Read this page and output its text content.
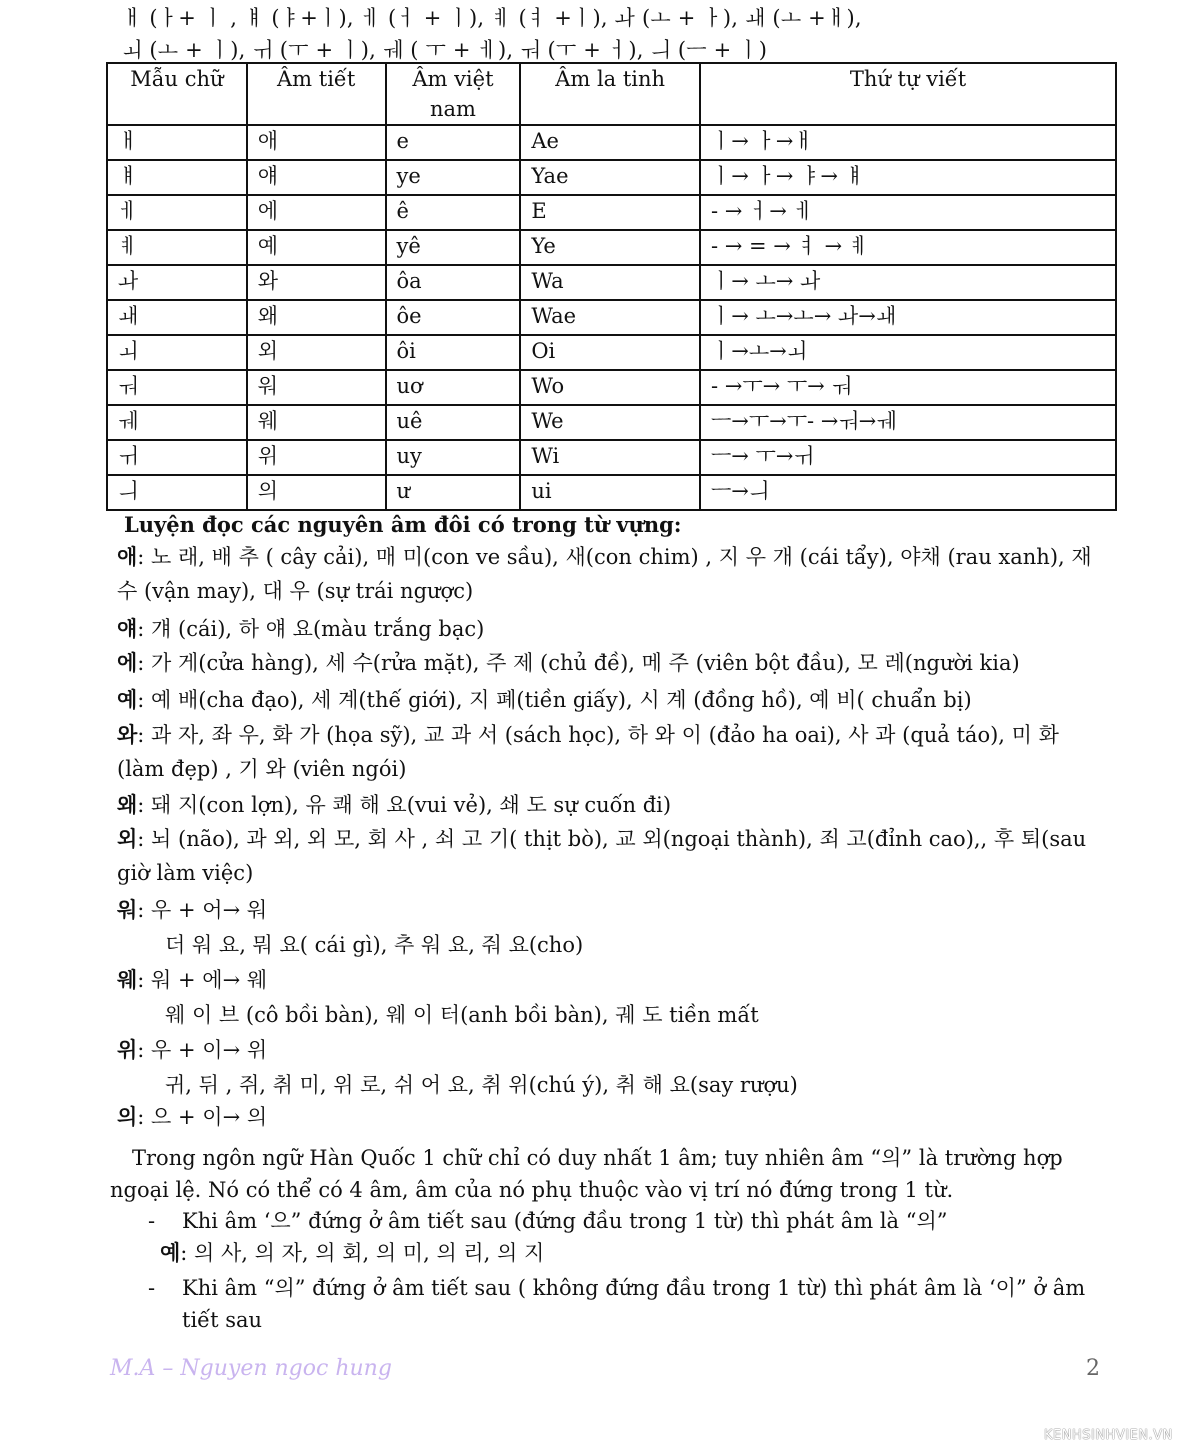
ㅐ (ㅏ+ ㅣ , ㅒ (ㅑ+ㅣ), ㅔ (ㅓ + ㅣ), ㅖ (ㅕ +ㅣ), ㅘ (ㅗ + ㅏ), ㅙ (ㅗ +ㅐ),
ㅚ (ㅗ + ㅣ), ㅟ (ㅜ + ㅣ), ㅞ ( ㅜ + ㅔ), ㅝ (ㅜ + ㅓ), ㅢ (ㅡ + ㅣ)
Mẫu chữ	Âm tiết	Âm việt nam	Âm la tinh	Thứ tự viết
ㅐ	애	e	Ae	ㅣ→ ㅏ→ㅐ
ㅒ	얘	ye	Yae	ㅣ→ ㅏ→ ㅑ→ ㅒ
ㅔ	에	ê	E	- → ㅓ→ ㅔ
ㅖ	예	yê	Ye	- → = → ㅕ → ㅖ
ㅘ	와	ôa	Wa	ㅣ→ ㅗ→ ㅘ
ㅙ	왜	ôe	Wae	ㅣ→ ㅗ→ㅗ→ ㅘ→ㅙ
ㅚ	외	ôi	Oi	ㅣ→ㅗ→ㅚ
ㅝ	워	uơ	Wo	- →ㅜ→ ㅜ→ ㅝ
ㅞ	웨	uê	We	ㅡ→ㅜ→ㅜ- →ㅝ→ㅞ
ㅟ	위	uy	Wi	ㅡ→ ㅜ→ㅟ
ㅢ	의	ư	ui	ㅡ→ㅢ
Luyện đọc các nguyên âm đôi có trong từ vựng:
애: 노 래, 배 추 ( cây cải), 매 미(con ve sầu), 새(con chim) , 지 우 개 (cái tẩy), 야채 (rau xanh), 재 수 (vận may), 대 우 (sự trái ngược)
얘: 걔 (cái), 하 얘 요(màu trắng bạc)
에: 가 게(cửa hàng), 세 수(rửa mặt), 주 제 (chủ đề), 메 주 (viên bột đầu), 모 레(người kia)
예: 예 배(cha đạo), 세 계(thế giới), 지 폐(tiền giấy), 시 계 (đồng hồ), 예 비( chuẩn bị)
와: 과 자, 좌 우, 화 가 (họa sỹ), 교 과 서 (sách học), 하 와 이 (đảo ha oai), 사 과 (quả táo), 미 화 (làm đẹp) , 기 와 (viên ngói)
왜: 돼 지(con lợn), 유 쾌 해 요(vui vẻ), 쇄 도 sự cuốn đi)
외: 뇌 (não), 과 외, 외 모, 회 사 , 쇠 고 기( thịt bò), 교 외(ngoại thành), 죄 고(đỉnh cao),, 후 퇴(sau giờ làm việc)
워: 우 + 어→ 워
더 워 요, 뭐 요( cái gì), 추 워 요, 줘 요(cho)
웨: 워 + 에→ 웨
웨 이 브 (cô bồi bàn), 웨 이 터(anh bồi bàn), 궤 도 tiền mất
위: 우 + 이→ 위
귀, 뒤 , 쥐, 취 미, 위 로, 쉬 어 요, 취 위(chú ý), 취 해 요(say rượu)
의: 으 + 이→ 의
Trong ngôn ngữ Hàn Quốc 1 chữ chỉ có duy nhất 1 âm; tuy nhiên âm “의” là trường hợp ngoại lệ. Nó có thể có 4 âm, âm của nó phụ thuộc vào vị trí nó đứng trong 1 từ.
-	Khi âm ‘으” đứng ở âm tiết sau (đứng đầu trong 1 từ) thì phát âm là “의”
예: 의 사, 의 자, 의 회, 의 미, 의 리, 의 지
-	Khi âm “의” đứng ở âm tiết sau ( không đứng đầu trong 1 từ) thì phát âm là ‘이” ở âm tiết sau
M.A – Nguyen ngoc hung	2
KENHSINHVIEN.VN
